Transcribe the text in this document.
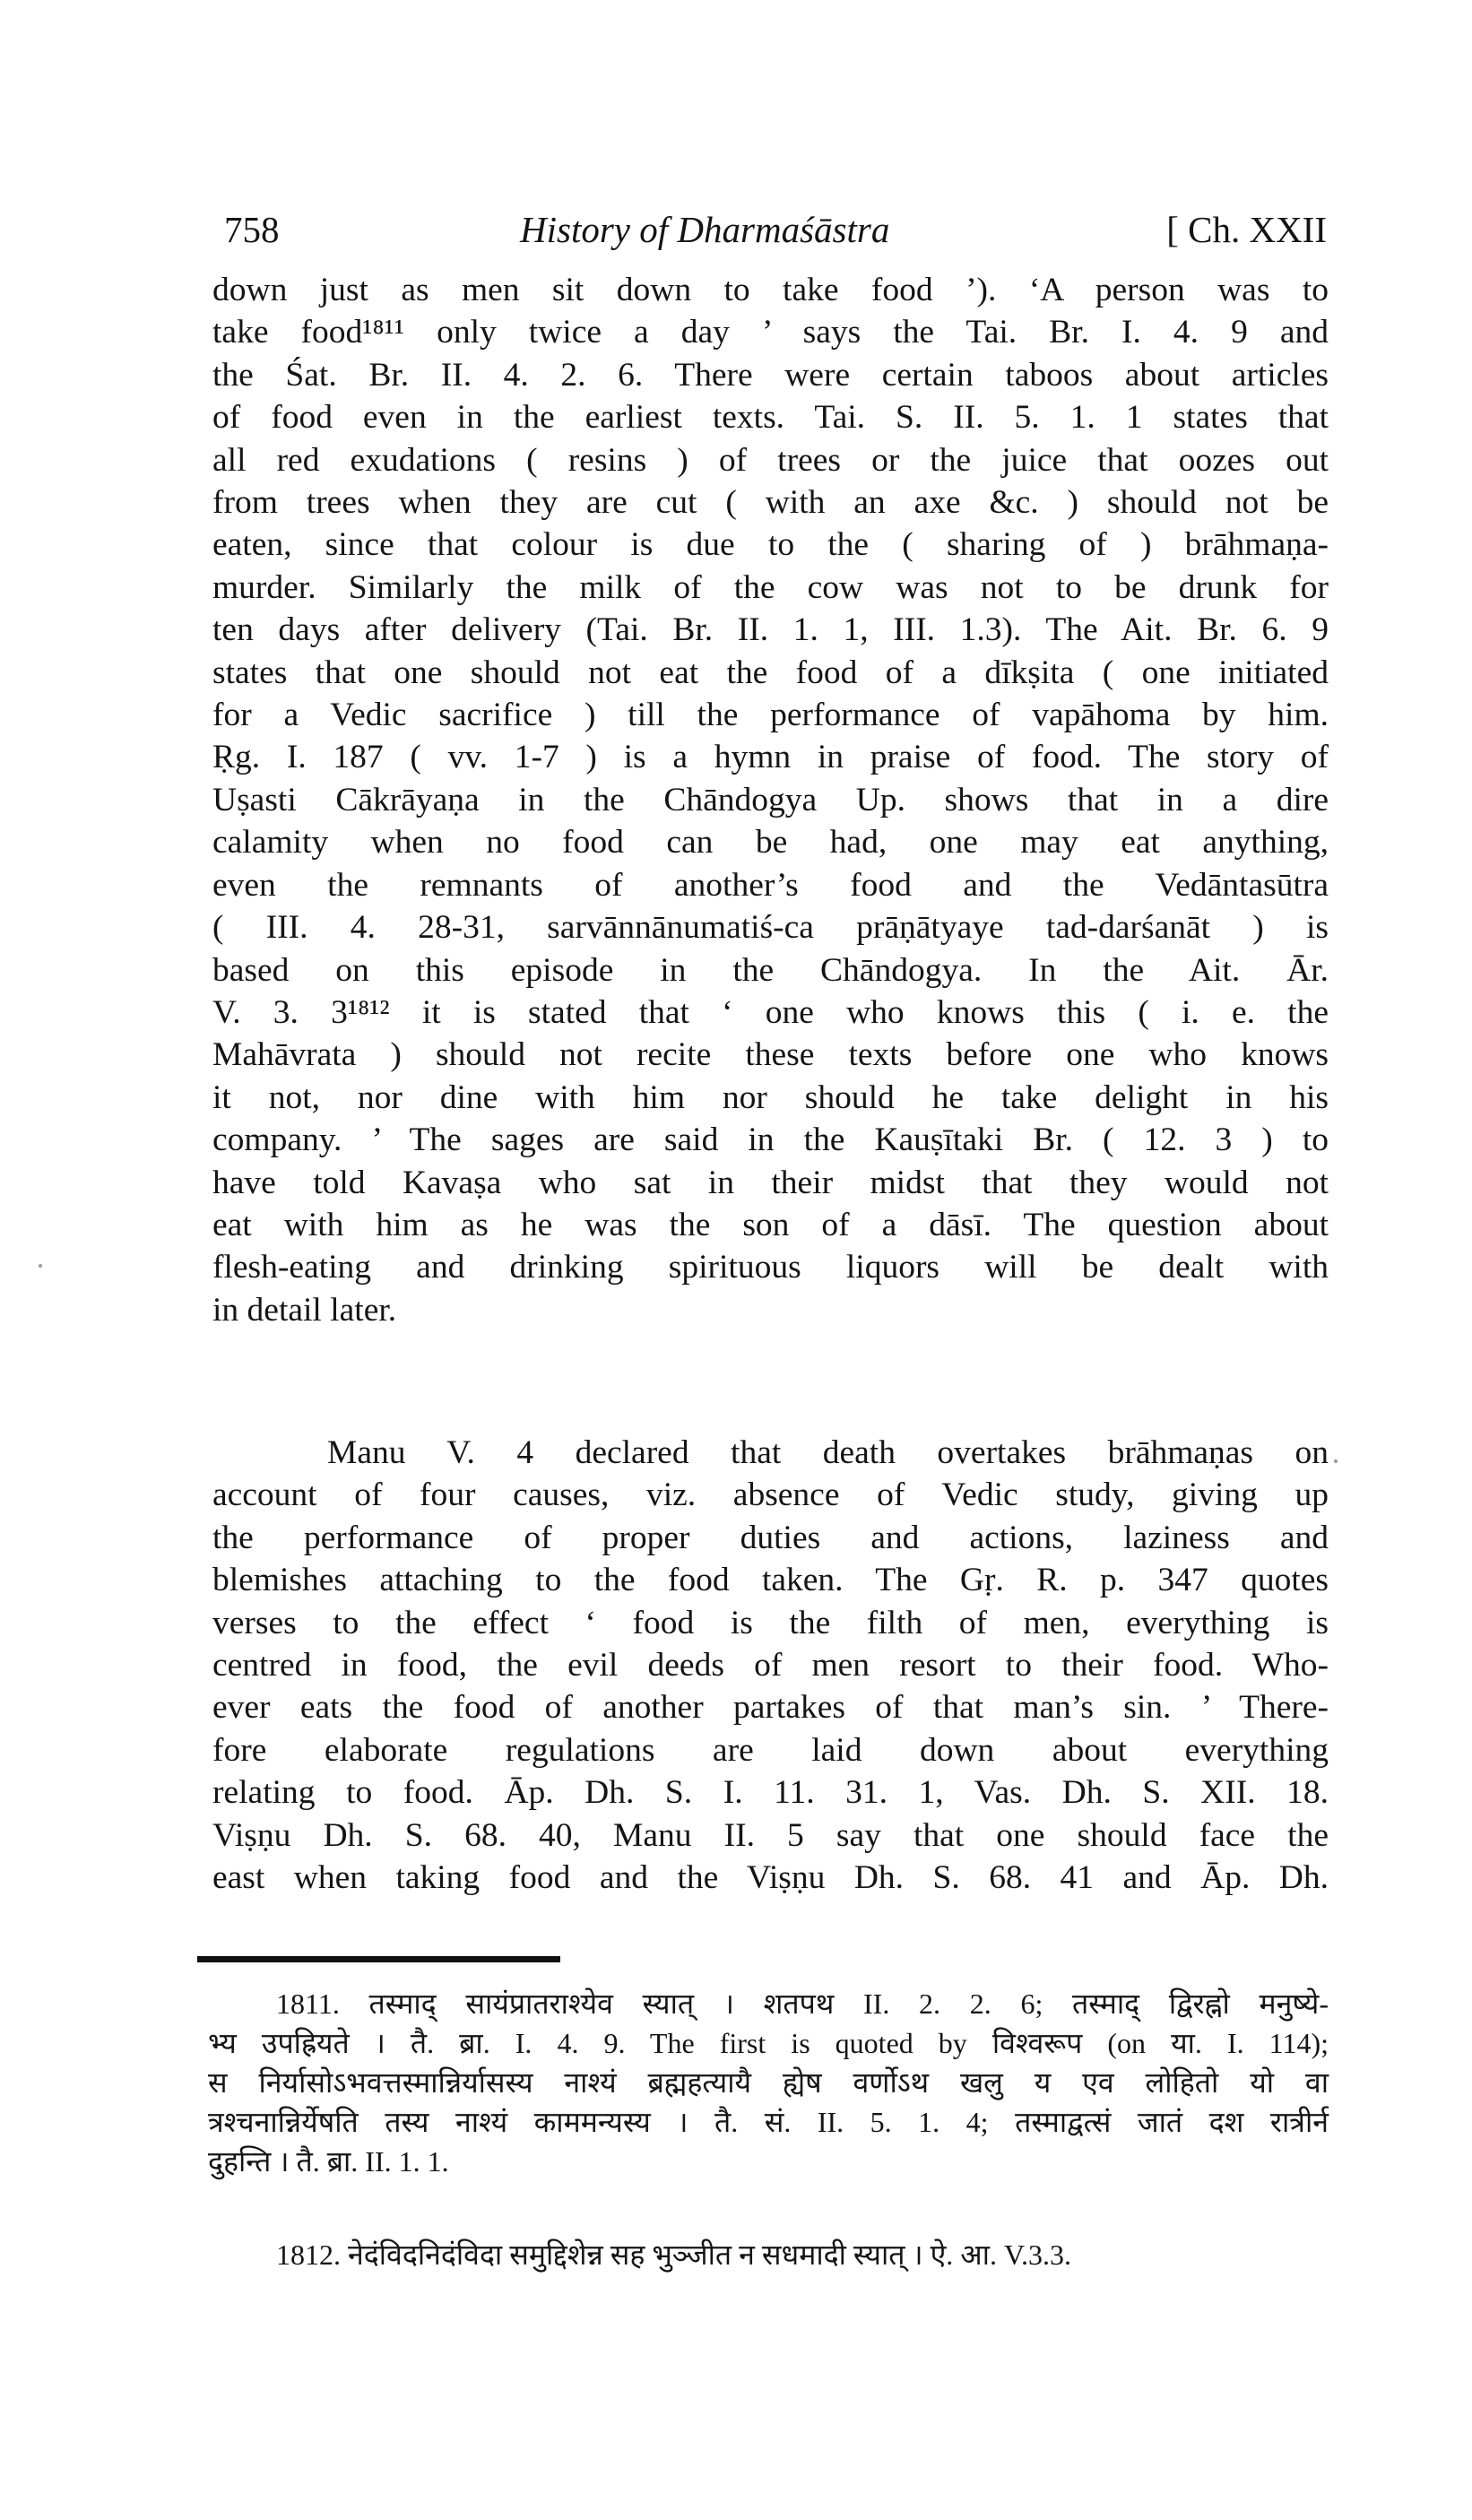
758	History of Dharmaśāstra	[ Ch. XXII
down just as men sit down to take food ’). ‘A person was to
take food¹⁸¹¹ only twice a day ’ says the Tai. Br. I. 4. 9 and
the Śat. Br. II. 4. 2. 6. There were certain taboos about articles
of food even in the earliest texts. Tai. S. II. 5. 1. 1 states that
all red exudations ( resins ) of trees or the juice that oozes out
from trees when they are cut ( with an axe &c. ) should not be
eaten, since that colour is due to the ( sharing of ) brāhmaṇa-
murder. Similarly the milk of the cow was not to be drunk for
ten days after delivery (Tai. Br. II. 1. 1, III. 1.3). The Ait. Br. 6. 9
states that one should not eat the food of a dīkṣita ( one initiated
for a Vedic sacrifice ) till the performance of vapāhoma by him.
Ṛg. I. 187 ( vv. 1-7 ) is a hymn in praise of food. The story of
Uṣasti Cākrāyaṇa in the Chāndogya Up. shows that in a dire
calamity when no food can be had, one may eat anything,
even the remnants of another’s food and the Vedāntasūtra
( III. 4. 28-31, sarvānnānumatiś-ca prāṇātyaye tad-darśanāt ) is
based on this episode in the Chāndogya. In the Ait. Ār.
V. 3. 3¹⁸¹² it is stated that ‘ one who knows this ( i. e. the
Mahāvrata ) should not recite these texts before one who knows
it not, nor dine with him nor should he take delight in his
company. ’ The sages are said in the Kauṣītaki Br. ( 12. 3 ) to
have told Kavaṣa who sat in their midst that they would not
eat with him as he was the son of a dāsī. The question about
flesh-eating and drinking spirituous liquors will be dealt with
in detail later.
Manu V. 4 declared that death overtakes brāhmaṇas on
account of four causes, viz. absence of Vedic study, giving up
the performance of proper duties and actions, laziness and
blemishes attaching to the food taken. The Gṛ. R. p. 347 quotes
verses to the effect ‘ food is the filth of men, everything is
centred in food, the evil deeds of men resort to their food. Who-
ever eats the food of another partakes of that man’s sin. ’ There-
fore elaborate regulations are laid down about everything
relating to food. Āp. Dh. S. I. 11. 31. 1, Vas. Dh. S. XII. 18.
Viṣṇu Dh. S. 68. 40, Manu II. 5 say that one should face the
east when taking food and the Viṣṇu Dh. S. 68. 41 and Āp. Dh.
1811. तस्माद् सायंप्रातराश्येव स्यात् । शतपथ II. 2. 2. 6; तस्माद् द्विरह्नो मनुष्ये-
भ्य उपह्रियते । तै. ब्रा. I. 4. 9. The first is quoted by विश्वरूप (on या. I. 114);
स निर्यासोऽभवत्तस्मान्निर्यासस्य नाश्यं ब्रह्महत्यायै ह्येष वर्णोऽथ खलु य एव लोहितो यो वा
त्रश्चनान्निर्येषति तस्य नाश्यं काममन्यस्य । तै. सं. II. 5. 1. 4; तस्माद्वत्सं जातं दश रात्रीर्न
दुहन्ति । तै. ब्रा. II. 1. 1.
1812. नेदंविदनिदंविदा समुद्दिशेन्न सह भुञ्जीत न सधमादी स्यात् । ऐ. आ. V.3.3.
